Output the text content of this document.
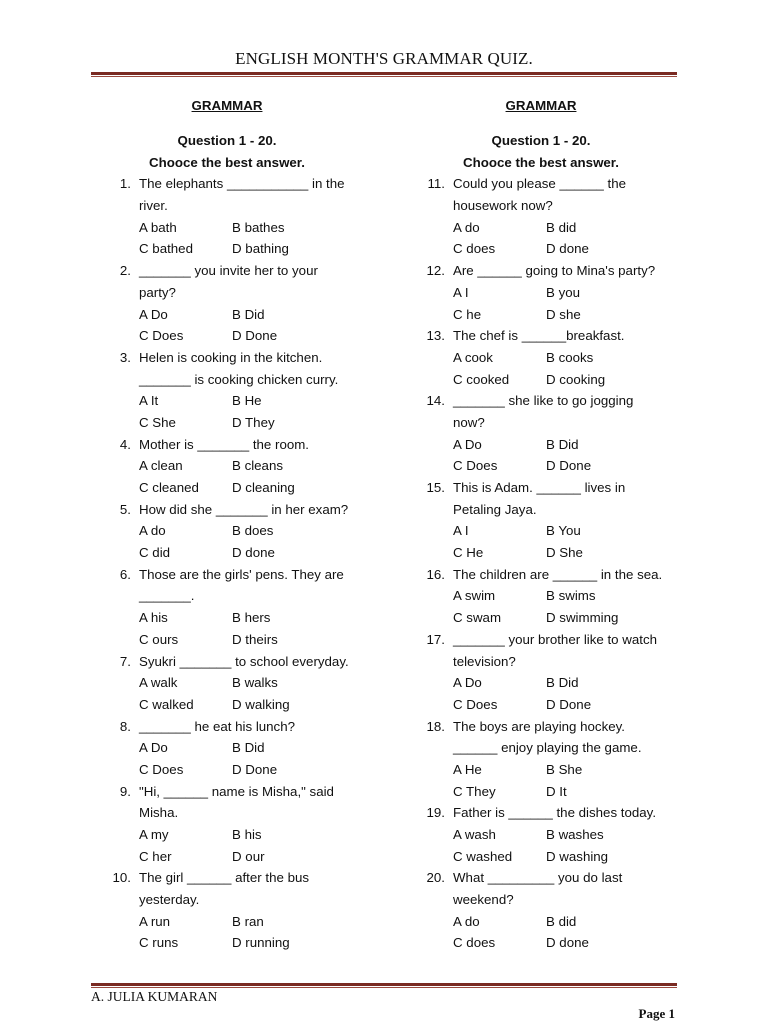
ENGLISH MONTH'S GRAMMAR QUIZ.
GRAMMAR
Question 1 - 20.
Chooce the best answer.
1. The elephants ___________ in the
river.
A bath	B bathes
C bathed	D bathing
2. _______ you invite her to your
party?
A Do	B Did
C Does	D Done
3. Helen is cooking in the kitchen.
_______ is cooking chicken curry.
A It	B He
C She	D They
4. Mother is _______ the room.
A clean	B cleans
C cleaned D cleaning
5. How did she _______ in her exam?
A do	B does
C did	D done
6. Those are the girls' pens. They are
_______.
A his	B hers
C ours	D theirs
7. Syukri _______ to school everyday.
A walk	B walks
C walked	D walking
8. _______ he eat his lunch?
A Do	B Did
C Does	D Done
9. "Hi, ______ name is Misha," said
Misha.
A my	B his
C her	D our
10. The girl ______ after the bus
yesterday.
A run	B ran
C runs	D running
GRAMMAR
Question 1 - 20.
Chooce the best answer.
11. Could you please ______ the
housework now?
A do	B did
C does	D done
12. Are ______ going to Mina's party?
A I	B you
C he	D she
13. The chef is ______breakfast.
A cook	B cooks
C cooked	D cooking
14. _______ she like to go jogging
now?
A Do	B Did
C Does	D Done
15. This is Adam. ______ lives in
Petaling Jaya.
A I	B You
C He	D She
16. The children are ______ in the sea.
A swim	B swims
C swam	D swimming
17. _______ your brother like to watch
television?
A Do	B Did
C Does	D Done
18. The boys are playing hockey.
______ enjoy playing the game.
A He	B She
C They	D It
19. Father is ______ the dishes today.
A wash	B washes
C washed	D washing
20. What _________ you do last
weekend?
A do	B did
C does	D done
A. JULIA KUMARAN
Page 1
